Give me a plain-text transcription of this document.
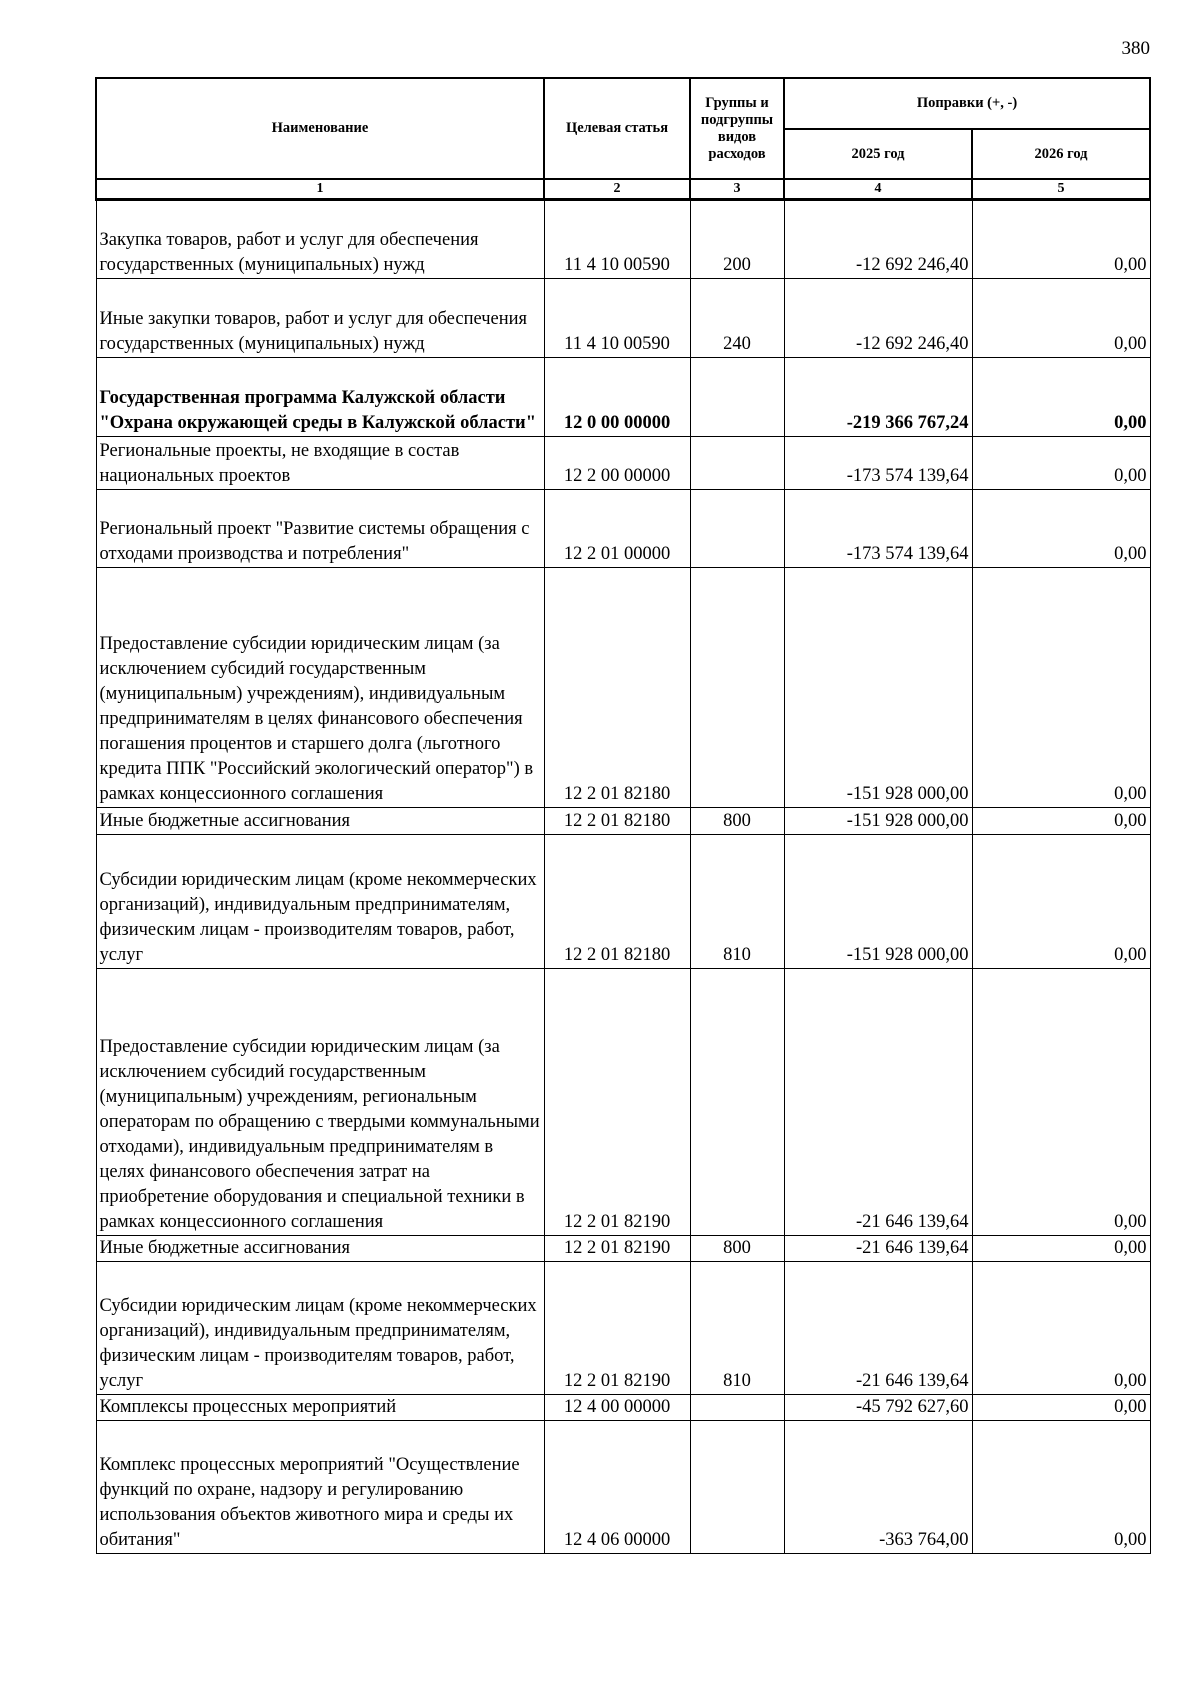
380
Наименование	Целевая статья	Группы и подгруппы видов расходов	Поправки (+, -)	
			2025 год	2026 год
1	2	3	4	5
Закупка товаров, работ и услуг для обеспечения государственных (муниципальных) нужд	11 4 10 00590	200	-12 692 246,40	0,00
Иные закупки товаров, работ и услуг для обеспечения государственных (муниципальных) нужд	11 4 10 00590	240	-12 692 246,40	0,00
Государственная программа Калужской области "Охрана окружающей среды в Калужской области"	12 0 00 00000		-219 366 767,24	0,00
Региональные проекты, не входящие в состав национальных проектов	12 2 00 00000		-173 574 139,64	0,00
Региональный проект "Развитие системы обращения с отходами производства и потребления"	12 2 01 00000		-173 574 139,64	0,00
Предоставление субсидии юридическим лицам (за исключением субсидий государственным (муниципальным) учреждениям), индивидуальным предпринимателям в целях финансового обеспечения погашения процентов и старшего долга (льготного кредита ППК "Российский экологический оператор") в рамках концессионного соглашения	12 2 01 82180		-151 928 000,00	0,00
Иные бюджетные ассигнования	12 2 01 82180	800	-151 928 000,00	0,00
Субсидии юридическим лицам (кроме некоммерческих организаций), индивидуальным предпринимателям, физическим лицам - производителям товаров, работ, услуг	12 2 01 82180	810	-151 928 000,00	0,00
Предоставление субсидии юридическим лицам (за исключением субсидий государственным (муниципальным) учреждениям, региональным операторам по обращению с твердыми коммунальными отходами), индивидуальным предпринимателям в целях финансового обеспечения затрат на приобретение оборудования и специальной техники в рамках концессионного соглашения	12 2 01 82190		-21 646 139,64	0,00
Иные бюджетные ассигнования	12 2 01 82190	800	-21 646 139,64	0,00
Субсидии юридическим лицам (кроме некоммерческих организаций), индивидуальным предпринимателям, физическим лицам - производителям товаров, работ, услуг	12 2 01 82190	810	-21 646 139,64	0,00
Комплексы процессных мероприятий	12 4 00 00000		-45 792 627,60	0,00
Комплекс процессных мероприятий "Осуществление функций по охране, надзору и регулированию использования объектов животного мира и среды их обитания"	12 4 06 00000		-363 764,00	0,00
